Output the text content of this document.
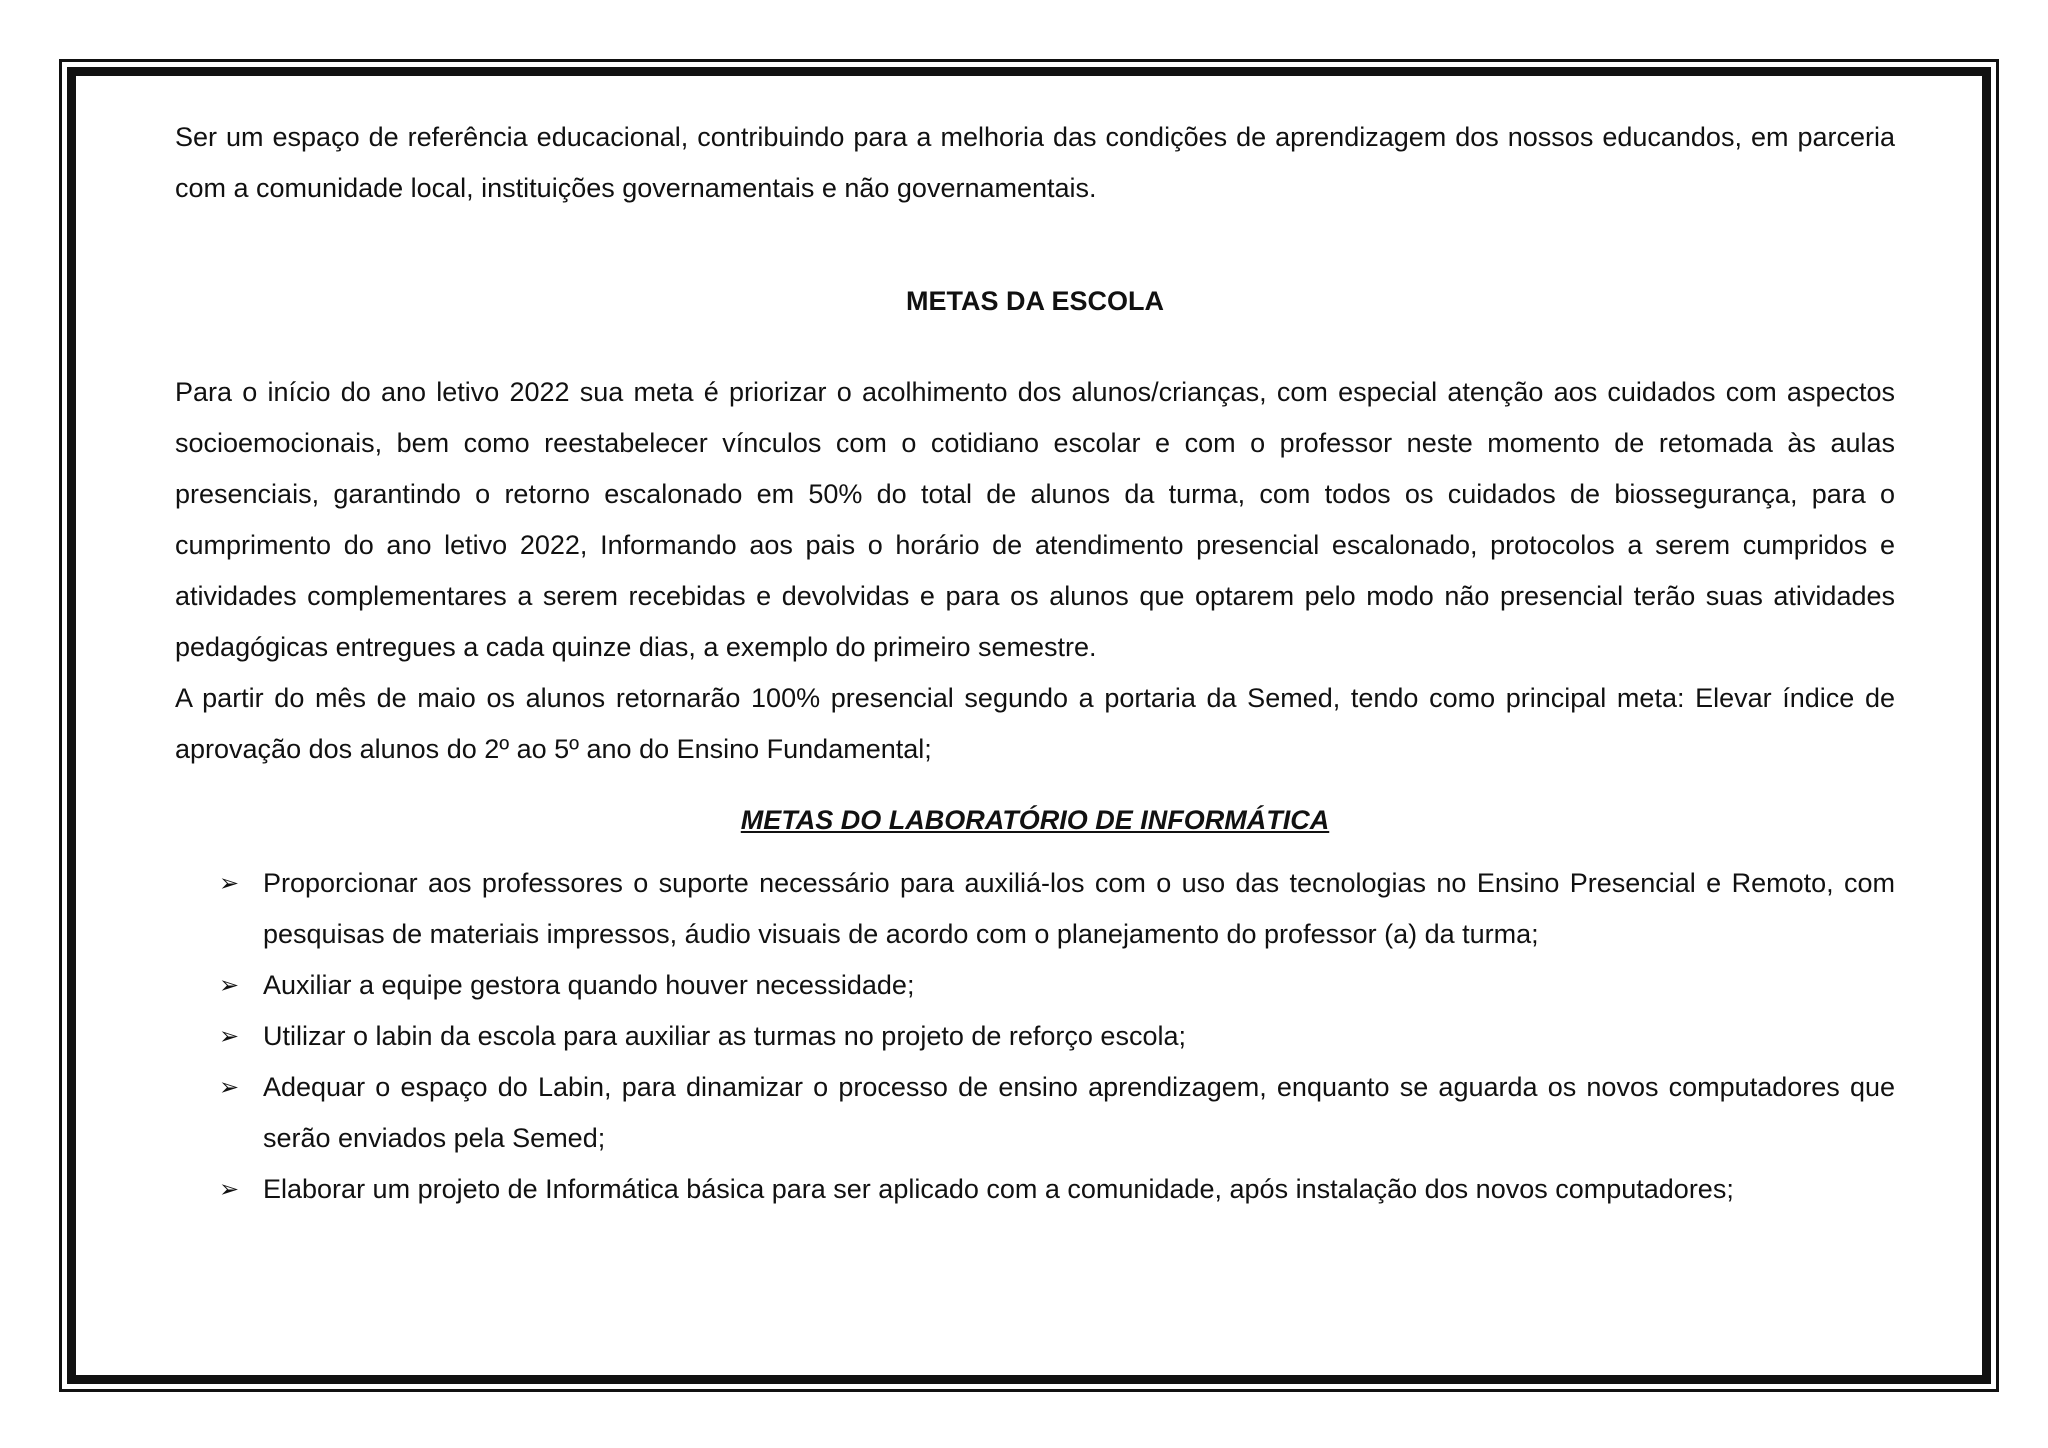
Ser um espaço de referência educacional, contribuindo para a melhoria das condições de aprendizagem dos nossos educandos, em parceria com a comunidade local, instituições governamentais e não governamentais.

METAS DA ESCOLA

Para o início do ano letivo 2022 sua meta é priorizar o acolhimento dos alunos/crianças, com especial atenção aos cuidados com aspectos socioemocionais, bem como reestabelecer vínculos com o cotidiano escolar e com o professor neste momento de retomada às aulas presenciais, garantindo o retorno escalonado em 50% do total de alunos da turma, com todos os cuidados de biossegurança, para o cumprimento do ano letivo 2022, Informando aos pais o horário de atendimento presencial escalonado, protocolos a serem cumpridos e atividades complementares a serem recebidas e devolvidas e para os alunos que optarem pelo modo não presencial terão suas atividades pedagógicas entregues a cada quinze dias, a exemplo do primeiro semestre.

A partir do mês de maio os alunos retornarão 100% presencial segundo a portaria da Semed, tendo como principal meta: Elevar índice de aprovação dos alunos do 2º ao 5º ano do Ensino Fundamental;

METAS DO LABORATÓRIO DE INFORMÁTICA
➢ Proporcionar aos professores o suporte necessário para auxiliá-los com o uso das tecnologias no Ensino Presencial e Remoto, com pesquisas de materiais impressos, áudio visuais de acordo com o planejamento do professor (a) da turma;
➢ Auxiliar a equipe gestora quando houver necessidade;
➢ Utilizar o labin da escola para auxiliar as turmas no projeto de reforço escola;
➢ Adequar o espaço do Labin, para dinamizar o processo de ensino aprendizagem, enquanto se aguarda os novos computadores que serão enviados pela Semed;
➢ Elaborar um projeto de Informática básica para ser aplicado com a comunidade, após instalação dos novos computadores;
